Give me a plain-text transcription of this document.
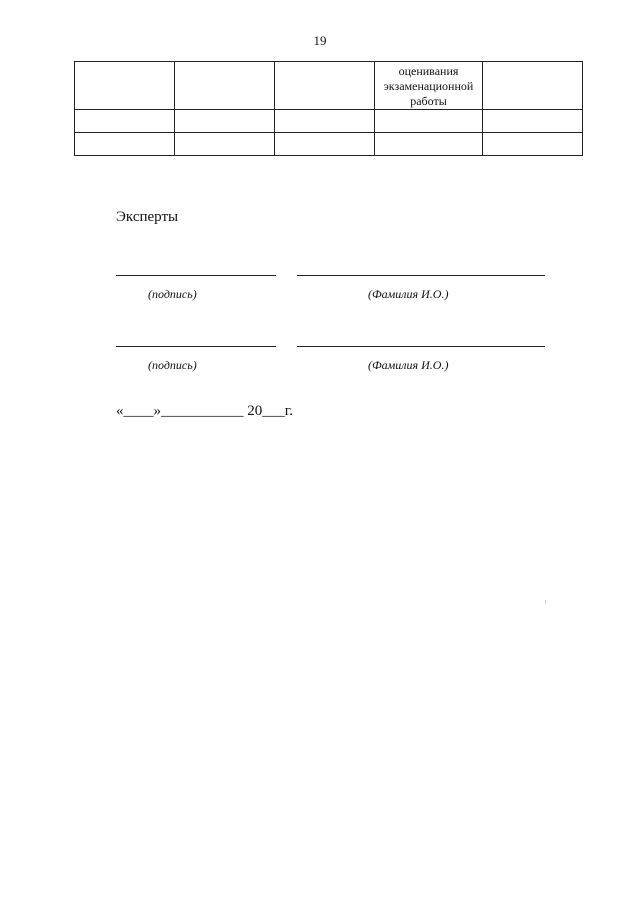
19
			оценивания экзаменационной работы	

Эксперты
(подпись)	(Фамилия И.О.)
(подпись)	(Фамилия И.О.)
«____»___________ 20___г.
